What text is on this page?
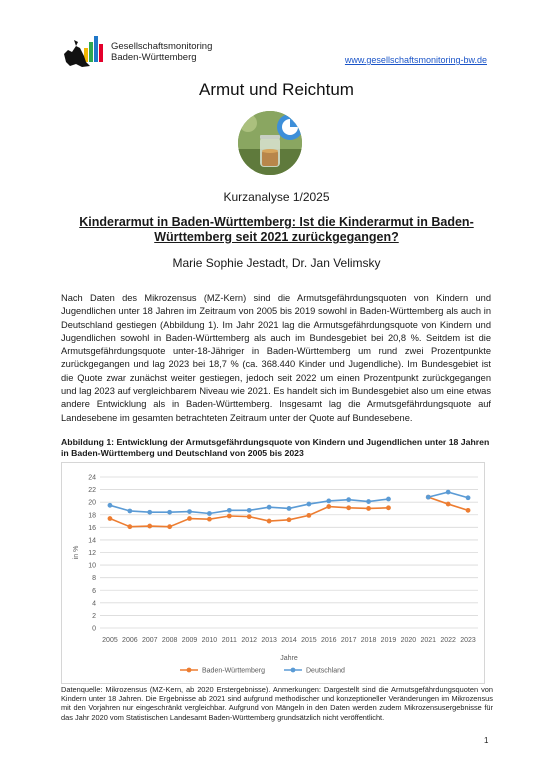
Gesellschaftsmonitoring
Baden-Württemberg	www.gesellschaftsmonitoring-bw.de
Armut und Reichtum
Kurzanalyse 1/2025
Kinderarmut in Baden-Württemberg: Ist die Kinderarmut in Baden-Württemberg seit 2021 zurückgegangen?
Marie Sophie Jestadt, Dr. Jan Velimsky
Nach Daten des Mikrozensus (MZ-Kern) sind die Armutsgefährdungsquoten von Kindern und Jugendlichen unter 18 Jahren im Zeitraum von 2005 bis 2019 sowohl in Baden-Württemberg als auch in Deutschland gestiegen (Abbildung 1). Im Jahr 2021 lag die Armutsgefährdungsquote von Kindern und Jugendlichen sowohl in Baden-Württemberg als auch im Bundesgebiet bei 20,8 %. Seitdem ist die Armutsgefährdungsquote unter-18-Jähriger in Baden-Württemberg um rund zwei Prozentpunkte zurückgegangen und lag 2023 bei 18,7 % (ca. 368.440 Kinder und Jugendliche). Im Bundesgebiet ist die Quote zwar zunächst weiter gestiegen, jedoch seit 2022 um einen Prozentpunkt zurückgegangen und lag 2023 auf vergleichbarem Niveau wie 2021. Es handelt sich im Bundesgebiet also um eine etwas andere Entwicklung als in Baden-Württemberg. Insgesamt lag die Armutsgefährdungsquote auf Landesebene im gesamten betrachteten Zeitraum unter der Quote auf Bundesebene.
Abbildung 1: Entwicklung der Armutsgefährdungsquote von Kindern und Jugendlichen unter 18 Jahren in Baden-Württemberg und Deutschland von 2005 bis 2023
0
2
4
6
8
10
12
14
16
18
20
22
24
2005 2006 2007 2008 2009 2010 2011 2012 2013 2014 2015 2016 2017 2018 2019 2020 2021 2022 2023
in %
Jahre
Baden-Württemberg	Deutschland
Datenquelle: Mikrozensus (MZ-Kern, ab 2020 Erstergebnisse). Anmerkungen: Dargestellt sind die Armutsgefährdungsquoten von Kindern unter 18 Jahren. Die Ergebnisse ab 2021 sind aufgrund methodischer und konzeptioneller Veränderungen im Mikrozensus mit den Vorjahren nur eingeschränkt vergleichbar. Aufgrund von Mängeln in den Daten werden zudem Mikrozensusergebnisse für das Jahr 2020 vom Statistischen Landesamt Baden-Württemberg grundsätzlich nicht veröffentlicht.
1
